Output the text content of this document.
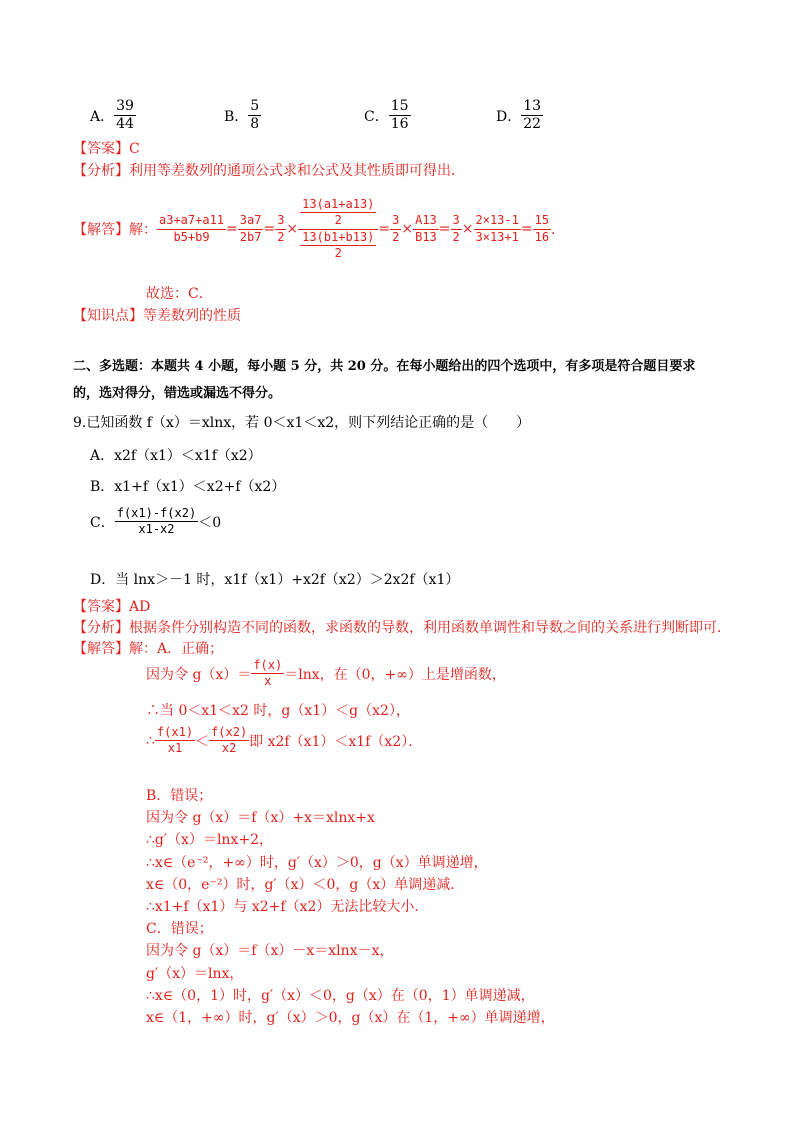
A． $\frac{39}{44}$	B． $\frac{5}{8}$	C． $\frac{15}{16}$	D． $\frac{13}{22}$
【答案】C
【分析】利用等差数列的通项公式求和公式及其性质即可得出．
【解答】 解： $\frac{a3+a7+a11}{b5+b9} = \frac{3a7}{2b7} = \frac{3}{2} \times \frac{\frac{13(a1+a13)}{2}}{\frac{13(b1+b13)}{2}} = \frac{3}{2} \times \frac{A13}{B13} = \frac{3}{2} \times \frac{2\times 13-1}{3\times 13+1} = \frac{15}{16}$ ．
故选：C．
【知识点】等差数列的性质
二、多选题：本题共 4 小题，每小题 5 分，共 20 分。在每小题给出的四个选项中，有多项是符合题目要求
的，选对得分，错选或漏选不得分。
9.已知函数 f（x）＝xlnx，若 0＜x1＜x2，则下列结论正确的是（　　）
A．x2f（x1）＜x1f（x2）
B．x1+f（x1）＜x2+f（x2）
C． $\frac{f(x1)-f(x2)}{x1-x2} <0$
D．当 lnx＞－1 时，x1f（x1）+x2f（x2）＞2x2f（x1）
【答案】AD
【分析】根据条件分别构造不同的函数，求函数的导数，利用函数单调性和导数之间的关系进行判断即可．
【解答】解：A．正确；
因为令 $g(x)= \frac{f(x)}{x} =\ln x$，在（0，+∞）上是增函数，
∴当 0＜x1＜x2 时，g（x1）＜g（x2），
∴ $\frac{f(x1)}{x1} < \frac{f(x2)}{x2}$ 即 x2f（x1）＜x1f（x2）．
B．错误；
因为令 g（x）＝f（x）+x＝xlnx+x
∴g′（x）＝lnx+2，
∴x∈（e⁻²，+∞）时，g′（x）＞0，g（x）单调递增，
x∈（0，e⁻²）时，g′（x）＜0，g（x）单调递减．
∴x1+f（x1）与 x2+f（x2）无法比较大小．
C．错误；
因为令 g（x）＝f（x）－x＝xlnx－x，
g′（x）＝lnx，
∴x∈（0，1）时，g′（x）＜0，g（x）在（0，1）单调递减，
x∈（1，+∞）时，g′（x）＞0，g（x）在（1，+∞）单调递增，
